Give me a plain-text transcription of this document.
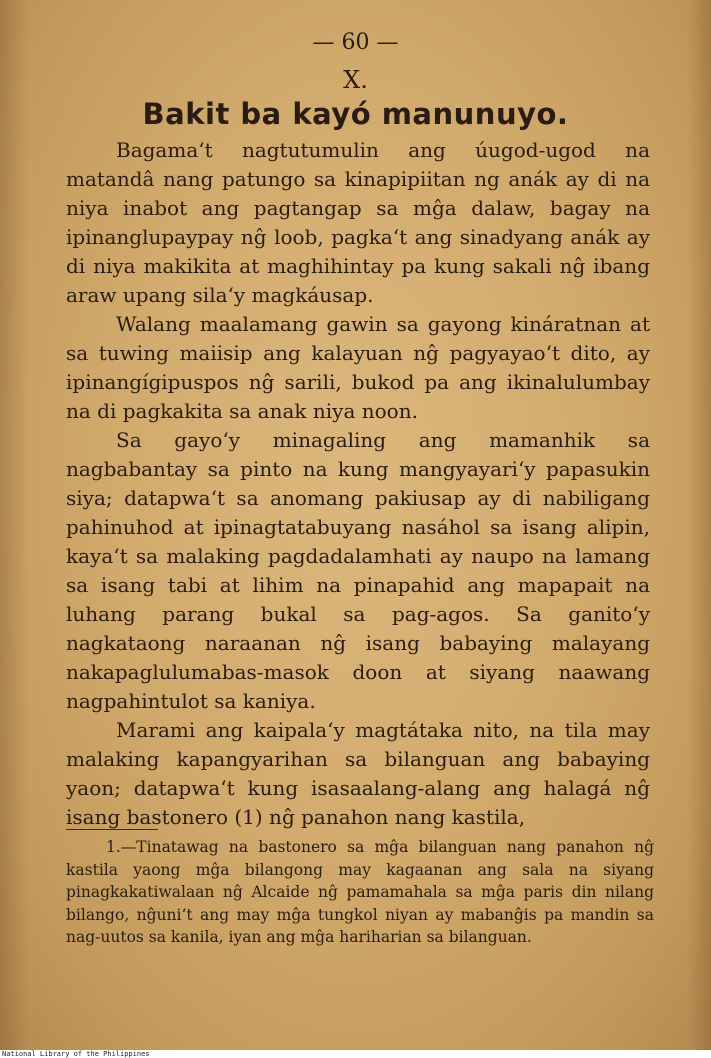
— 60 —
X.
Bakit ba kayó manunuyo.

Bagama‘t nagtutumulin ang úugod-ugod na matandâ nang patungo sa kinapipiitan ng anák ay di na niya inabot ang pagtangap sa mĝa dalaw, bagay na ipinanglupaypay nĝ loob, pagka‘t ang sinadyang anák ay di niya makikita at maghihintay pa kung sakali nĝ ibang araw upang sila‘y magkáusap.

Walang maalamang gawin sa gayong kináratnan at sa tuwing maiisip ang kalayuan nĝ pagyayao‘t dito, ay ipinangígipuspos nĝ sarili, bukod pa ang ikinalulumbay na di pagkakita sa anak niya noon.

Sa gayo‘y minagaling ang mamanhik sa nagbabantay sa pinto na kung mangyayari‘y papasukin siya; datapwa‘t sa anomang pakiusap ay di nabiligang pahinuhod at ipinagtatabuyang nasáhol sa isang alipin, kaya‘t sa malaking pagdadalamhati ay naupo na lamang sa isang tabi at lihim na pinapahid ang mapapait na luhang parang bukal sa pag-agos. Sa ganito‘y nagkataong naraanan nĝ isang babaying malayang nakapaglulumabas-masok doon at siyang naawang nagpahintulot sa kaniya.

Marami ang kaipala‘y magtátaka nito, na tila may malaking kapangyarihan sa bilanguan ang babaying yaon; datapwa‘t kung isasaalang-alang ang halagá nĝ isang bastonero (1) nĝ panahon nang kastila,

1.—Tinatawag na bastonero sa mĝa bilanguan nang panahon nĝ kastila yaong mĝa bilangong may kagaanan ang sala na siyang pinagkakatiwalaan nĝ Alcaide nĝ pamamahala sa mĝa paris din nilang bilango, nĝuni‘t ang may mĝa tungkol niyan ay mabanĝis pa mandin sa nag-uutos sa kanila, iyan ang mĝa hariharian sa bilanguan.

National Library of the Philippines
